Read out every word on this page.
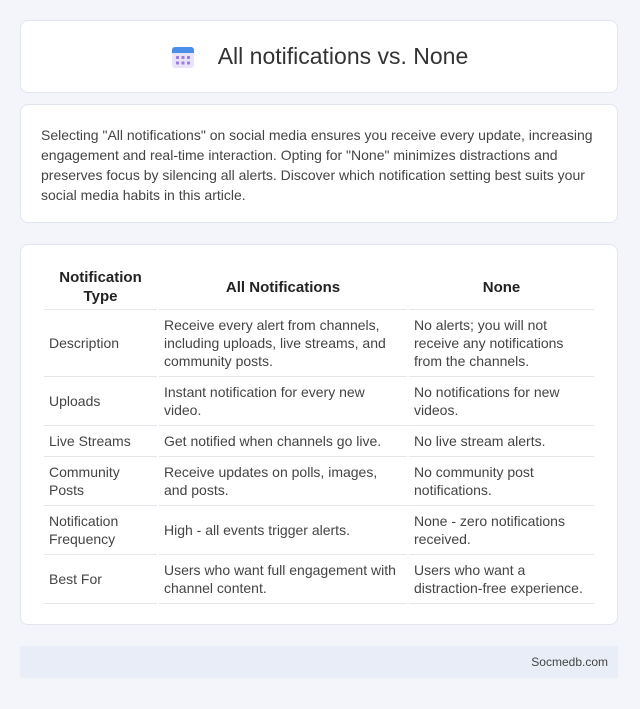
All notifications vs. None

Selecting "All notifications" on social media ensures you receive every update, increasing engagement and real-time interaction. Opting for "None" minimizes distractions and preserves focus by silencing all alerts. Discover which notification setting best suits your social media habits in this article.

Notification Type	All Notifications	None
Description	Receive every alert from channels, including uploads, live streams, and community posts.	No alerts; you will not receive any notifications from the channels.
Uploads	Instant notification for every new video.	No notifications for new videos.
Live Streams	Get notified when channels go live.	No live stream alerts.
Community Posts	Receive updates on polls, images, and posts.	No community post notifications.
Notification Frequency	High - all events trigger alerts.	None - zero notifications received.
Best For	Users who want full engagement with channel content.	Users who want a distraction-free experience.
Socmedb.com
